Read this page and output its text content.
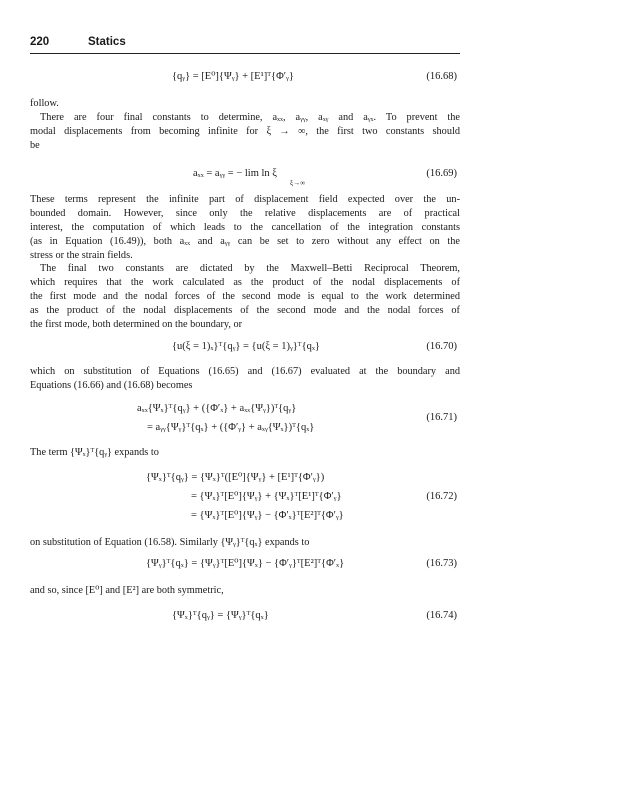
220	Statics
{qᵧ} = [E⁰]{Ψᵧ} + [E¹]ᵀ{Φ′ᵧ}	(16.68)
follow.
There are four final constants to determine, aₓₓ, aᵧᵧ, aₓᵧ and aᵧₓ. To prevent the
modal displacements from becoming infinite for ξ → ∞, the first two constants should
be
aₓₓ = aᵧᵧ = − lim ln ξ
ξ→∞
(16.69)
These terms represent the infinite part of displacement field expected over the un-
bounded domain. However, since only the relative displacements are of practical
interest, the computation of which leads to the cancellation of the integration constants
(as in Equation (16.49)), both aₓₓ and aᵧᵧ can be set to zero without any effect on the
stress or the strain fields.
The final two constants are dictated by the Maxwell–Betti Reciprocal Theorem,
which requires that the work calculated as the product of the nodal displacements of
the first mode and the nodal forces of the second mode is equal to the work determined
as the product of the nodal displacements of the second mode and the nodal forces of
the first mode, both determined on the boundary, or
{u(ξ = 1)ₓ}ᵀ{qᵧ} = {u(ξ = 1)ᵧ}ᵀ{qₓ}	(16.70)
which on substitution of Equations (16.65) and (16.67) evaluated at the boundary and
Equations (16.66) and (16.68) becomes
aₓₓ{Ψₓ}ᵀ{qᵧ} + ({Φ′ₓ} + aₓₓ{Ψᵧ})ᵀ{qᵧ}
= aᵧᵧ{Ψᵧ}ᵀ{qₓ} + ({Φ′ᵧ} + aₓᵧ{Ψₓ})ᵀ{qₓ}
(16.71)
The term {Ψₓ}ᵀ{qᵧ} expands to
{Ψₓ}ᵀ{qᵧ} = {Ψₓ}ᵀ([E⁰]{Ψᵧ} + [E¹]ᵀ{Φ′ᵧ})
= {Ψₓ}ᵀ[E⁰]{Ψᵧ} + {Ψₓ}ᵀ[E¹]ᵀ{Φ′ᵧ}
= {Ψₓ}ᵀ[E⁰]{Ψᵧ} − {Φ′ₓ}ᵀ[E²]ᵀ{Φ′ᵧ}
(16.72)
on substitution of Equation (16.58). Similarly {Ψᵧ}ᵀ{qₓ} expands to
{Ψᵧ}ᵀ{qₓ} = {Ψᵧ}ᵀ[E⁰]{Ψₓ} − {Φ′ᵧ}ᵀ[E²]ᵀ{Φ′ₓ}	(16.73)
and so, since [E⁰] and [E²] are both symmetric,
{Ψₓ}ᵀ{qᵧ} = {Ψᵧ}ᵀ{qₓ}	(16.74)
